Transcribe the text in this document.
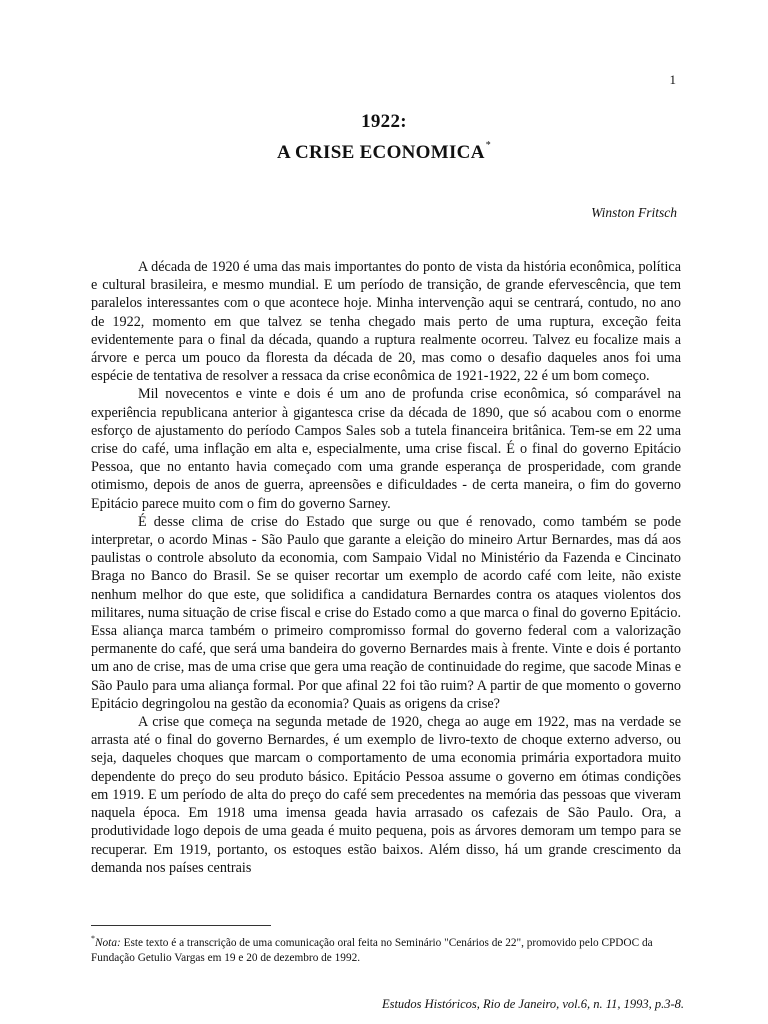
1
1922:
A CRISE ECONOMICA*
Winston Fritsch

A década de 1920 é uma das mais importantes do ponto de vista da história econômica, política e cultural brasileira, e mesmo mundial. E um período de transição, de grande efervescência, que tem paralelos interessantes com o que acontece hoje. Minha intervenção aqui se centrará, contudo, no ano de 1922, momento em que talvez se tenha chegado mais perto de uma ruptura, exceção feita evidentemente para o final da década, quando a ruptura realmente ocorreu. Talvez eu focalize mais a árvore e perca um pouco da floresta da década de 20, mas como o desafio daqueles anos foi uma espécie de tentativa de resolver a ressaca da crise econômica de 1921-1922, 22 é um bom começo.

Mil novecentos e vinte e dois é um ano de profunda crise econômica, só comparável na experiência republicana anterior à gigantesca crise da década de 1890, que só acabou com o enorme esforço de ajustamento do período Campos Sales sob a tutela financeira britânica. Tem-se em 22 uma crise do café, uma inflação em alta e, especialmente, uma crise fiscal. É o final do governo Epitácio Pessoa, que no entanto havia começado com uma grande esperança de prosperidade, com grande otimismo, depois de anos de guerra, apreensões e dificuldades - de certa maneira, o fim do governo Epitácio parece muito com o fim do governo Sarney.

É desse clima de crise do Estado que surge ou que é renovado, como também se pode interpretar, o acordo Minas - São Paulo que garante a eleição do mineiro Artur Bernardes, mas dá aos paulistas o controle absoluto da economia, com Sampaio Vidal no Ministério da Fazenda e Cincinato Braga no Banco do Brasil. Se se quiser recortar um exemplo de acordo café com leite, não existe nenhum melhor do que este, que solidifica a candidatura Bernardes contra os ataques violentos dos militares, numa situação de crise fiscal e crise do Estado como a que marca o final do governo Epitácio. Essa aliança marca também o primeiro compromisso formal do governo federal com a valorização permanente do café, que será uma bandeira do governo Bernardes mais à frente. Vinte e dois é portanto um ano de crise, mas de uma crise que gera uma reação de continuidade do regime, que sacode Minas e São Paulo para uma aliança formal. Por que afinal 22 foi tão ruim? A partir de que momento o governo Epitácio degringolou na gestão da economia? Quais as origens da crise?

A crise que começa na segunda metade de 1920, chega ao auge em 1922, mas na verdade se arrasta até o final do governo Bernardes, é um exemplo de livro-texto de choque externo adverso, ou seja, daqueles choques que marcam o comportamento de uma economia primária exportadora muito dependente do preço do seu produto básico. Epitácio Pessoa assume o governo em ótimas condições em 1919. E um período de alta do preço do café sem precedentes na memória das pessoas que viveram naquela época. Em 1918 uma imensa geada havia arrasado os cafezais de São Paulo. Ora, a produtividade logo depois de uma geada é muito pequena, pois as árvores demoram um tempo para se recuperar. Em 1919, portanto, os estoques estão baixos. Além disso, há um grande crescimento da demanda nos países centrais

*Nota: Este texto é a transcrição de uma comunicação oral feita no Seminário "Cenários de 22", promovido pelo CPDOC da Fundação Getulio Vargas em 19 e 20 de dezembro de 1992.

Estudos Históricos, Rio de Janeiro, vol.6, n. 11, 1993, p.3-8.
